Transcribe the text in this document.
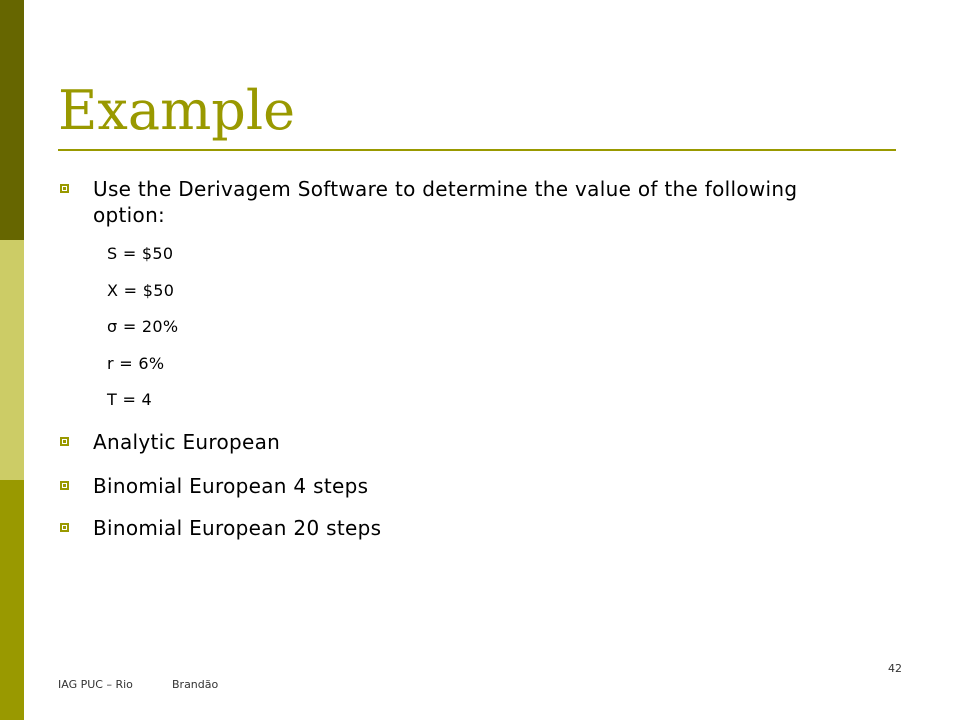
Example
Use the Derivagem Software to determine the value of the following option:
S = $50
X = $50
σ = 20%
r = 6%
T = 4
Analytic European
Binomial European 4 steps
Binomial European 20 steps
IAG PUC – Rio	Brandão
42
